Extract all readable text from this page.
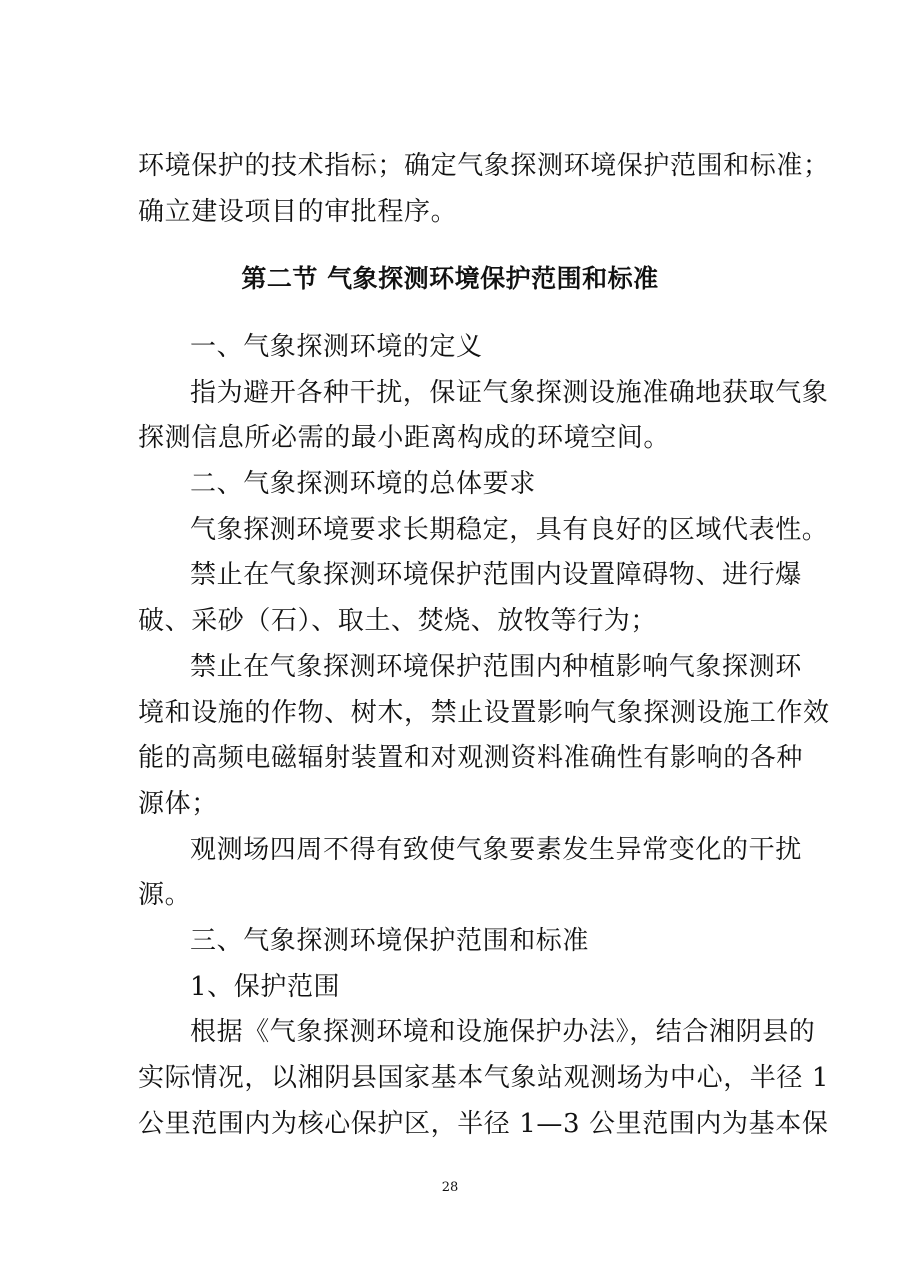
环境保护的技术指标；确定气象探测环境保护范围和标准；
确立建设项目的审批程序。
第二节 气象探测环境保护范围和标准
一、气象探测环境的定义
指为避开各种干扰，保证气象探测设施准确地获取气象
探测信息所必需的最小距离构成的环境空间。
二、气象探测环境的总体要求
气象探测环境要求长期稳定，具有良好的区域代表性。
禁止在气象探测环境保护范围内设置障碍物、进行爆
破、采砂（石）、取土、焚烧、放牧等行为；
禁止在气象探测环境保护范围内种植影响气象探测环
境和设施的作物、树木，禁止设置影响气象探测设施工作效
能的高频电磁辐射装置和对观测资料准确性有影响的各种
源体；
观测场四周不得有致使气象要素发生异常变化的干扰
源。
三、气象探测环境保护范围和标准
1、保护范围
根据《气象探测环境和设施保护办法》，结合湘阴县的
实际情况，以湘阴县国家基本气象站观测场为中心，半径 1
公里范围内为核心保护区，半径 1—3 公里范围内为基本保
28
